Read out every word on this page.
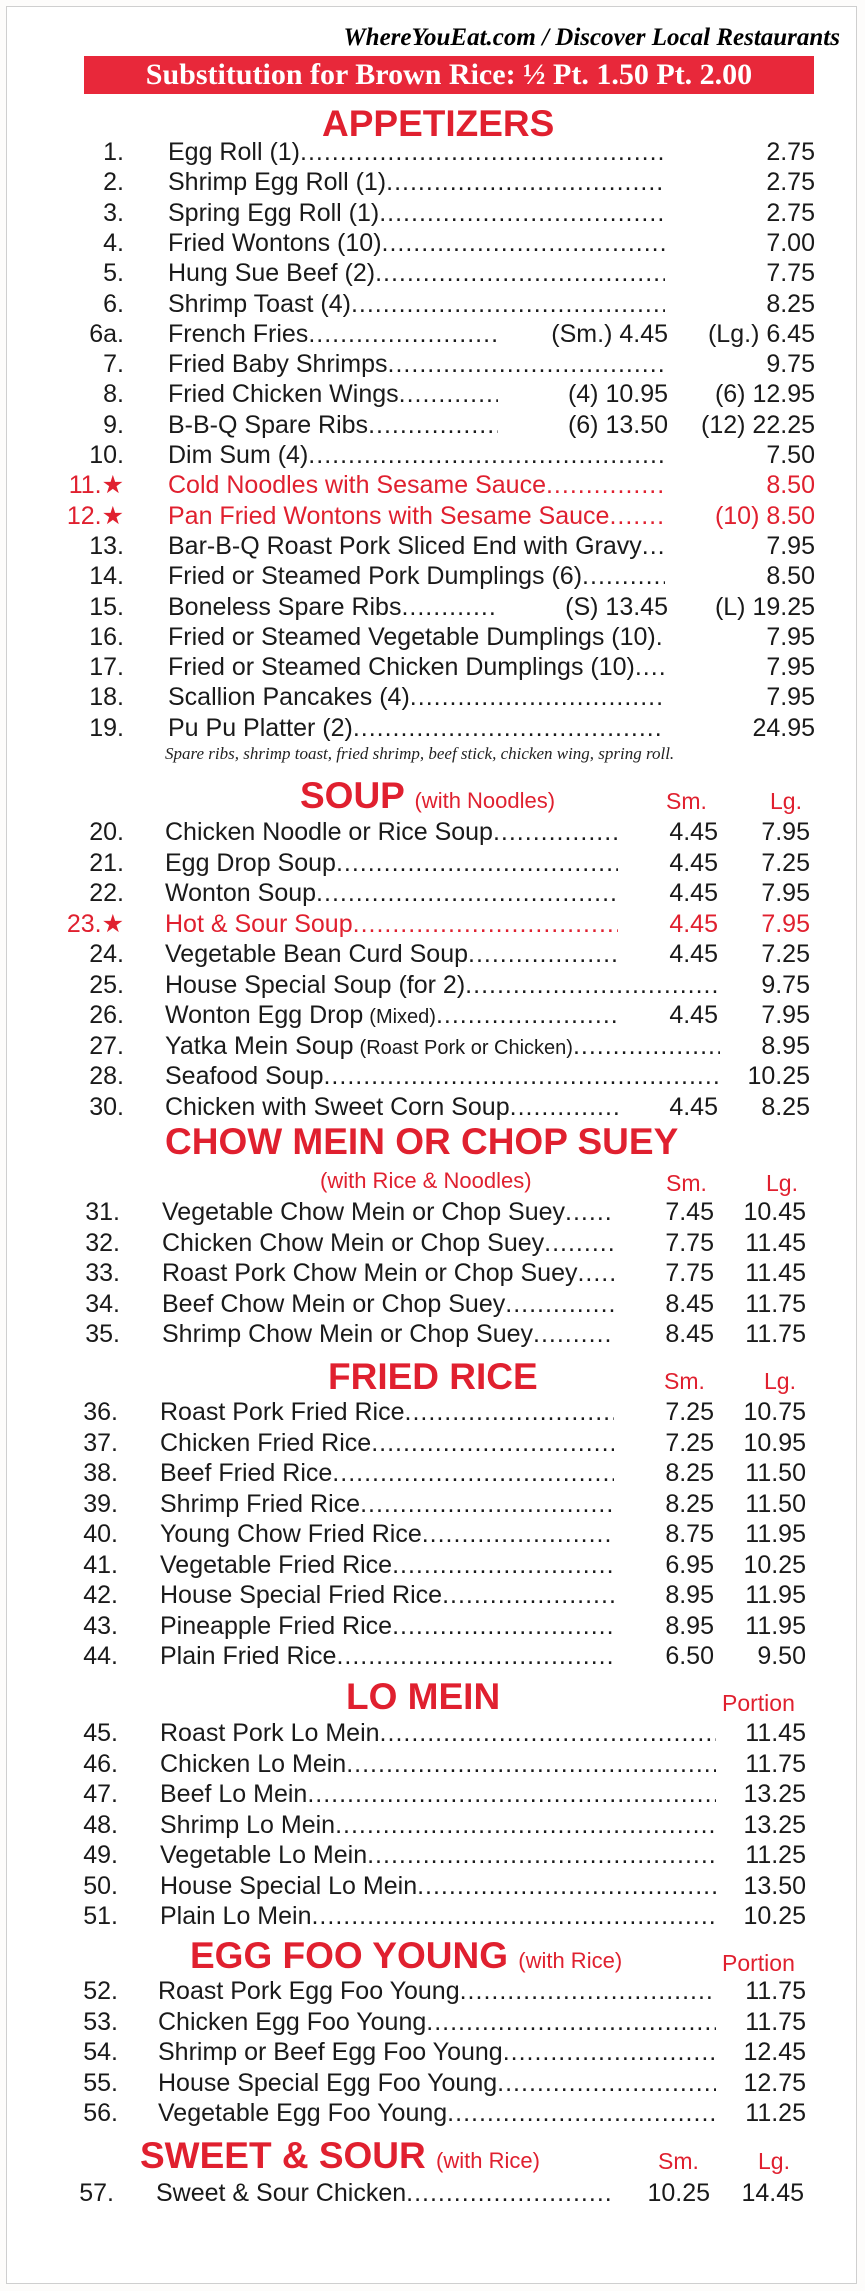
WhereYouEat.com / Discover Local Restaurants
Substitution for Brown Rice: ½ Pt. 1.50 Pt. 2.00
APPETIZERS
1. Egg Roll (1) .....	2.75
2. Shrimp Egg Roll (1) .....	2.75
3. Spring Egg Roll (1) .....	2.75
4. Fried Wontons (10) .....	7.00
5. Hung Sue Beef (2) .....	7.75
6. Shrimp Toast (4) .....	8.25
6a. French Fries .....	(Sm.) 4.45	(Lg.) 6.45
7. Fried Baby Shrimps .....	9.75
8. Fried Chicken Wings .....	(4) 10.95	(6) 12.95
9. B-B-Q Spare Ribs .....	(6) 13.50	(12) 22.25
10. Dim Sum (4) .....	7.50
11.★ Cold Noodles with Sesame Sauce .....	8.50
12.★ Pan Fried Wontons with Sesame Sauce .....	(10) 8.50
13. Bar-B-Q Roast Pork Sliced End with Gravy .....	7.95
14. Fried or Steamed Pork Dumplings (6) .....	8.50
15. Boneless Spare Ribs .....	(S) 13.45	(L) 19.25
16. Fried or Steamed Vegetable Dumplings (10) .....	7.95
17. Fried or Steamed Chicken Dumplings (10) .....	7.95
18. Scallion Pancakes (4) .....	7.95
19. Pu Pu Platter (2) .....	24.95
Spare ribs, shrimp toast, fried shrimp, beef stick, chicken wing, spring roll.
SOUP (with Noodles)	Sm.	Lg.
20. Chicken Noodle or Rice Soup .....	4.45	7.95
21. Egg Drop Soup .....	4.45	7.25
22. Wonton Soup .....	4.45	7.95
23.★ Hot & Sour Soup .....	4.45	7.95
24. Vegetable Bean Curd Soup .....	4.45	7.25
25. House Special Soup (for 2) .....	9.75
26. Wonton Egg Drop (Mixed) .....	4.45	7.95
27. Yatka Mein Soup (Roast Pork or Chicken) .....	8.95
28. Seafood Soup .....	10.25
30. Chicken with Sweet Corn Soup .....	4.45	8.25
CHOW MEIN OR CHOP SUEY
(with Rice & Noodles)	Sm.	Lg.
31. Vegetable Chow Mein or Chop Suey .....	7.45	10.45
32. Chicken Chow Mein or Chop Suey .....	7.75	11.45
33. Roast Pork Chow Mein or Chop Suey .....	7.75	11.45
34. Beef Chow Mein or Chop Suey .....	8.45	11.75
35. Shrimp Chow Mein or Chop Suey .....	8.45	11.75
FRIED RICE	Sm.	Lg.
36. Roast Pork Fried Rice .....	7.25	10.75
37. Chicken Fried Rice .....	7.25	10.95
38. Beef Fried Rice .....	8.25	11.50
39. Shrimp Fried Rice .....	8.25	11.50
40. Young Chow Fried Rice .....	8.75	11.95
41. Vegetable Fried Rice .....	6.95	10.25
42. House Special Fried Rice .....	8.95	11.95
43. Pineapple Fried Rice .....	8.95	11.95
44. Plain Fried Rice .....	6.50	9.50
LO MEIN	Portion
45. Roast Pork Lo Mein .....	11.45
46. Chicken Lo Mein .....	11.75
47. Beef Lo Mein .....	13.25
48. Shrimp Lo Mein .....	13.25
49. Vegetable Lo Mein .....	11.25
50. House Special Lo Mein .....	13.50
51. Plain Lo Mein .....	10.25
EGG FOO YOUNG (with Rice)	Portion
52. Roast Pork Egg Foo Young .....	11.75
53. Chicken Egg Foo Young .....	11.75
54. Shrimp or Beef Egg Foo Young .....	12.45
55. House Special Egg Foo Young .....	12.75
56. Vegetable Egg Foo Young .....	11.25
SWEET & SOUR (with Rice)	Sm.	Lg.
57. Sweet & Sour Chicken .....	10.25	14.45
